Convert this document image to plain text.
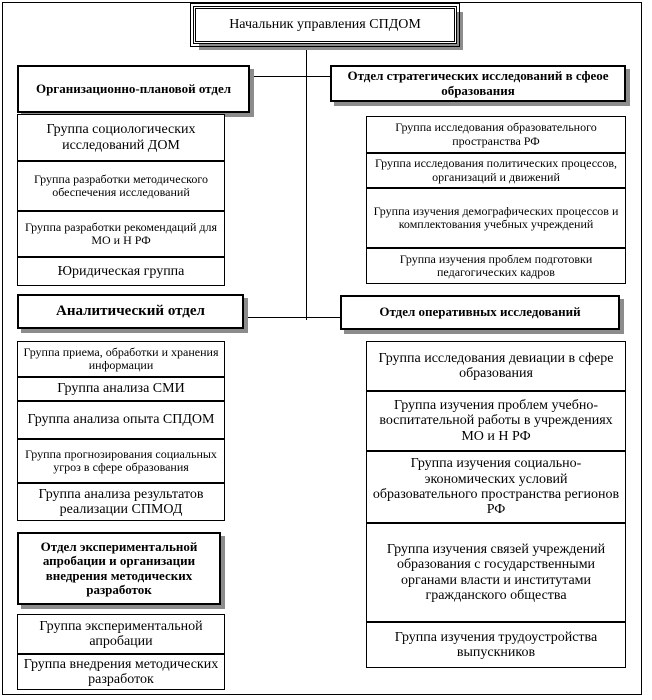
Начальник управления СПДОМ
Организационно-плановой отдел
Группа социологических исследований ДОМ
Группа разработки методического обеспечения исследований
Группа разработки рекомендаций для МО и Н РФ
Юридическая группа
Аналитический отдел
Группа приема, обработки и хранения информации
Группа анализа СМИ
Группа анализа опыта СПДОМ
Группа прогнозирования социальных угроз в сфере образования
Группа анализа результатов реализации СПМОД
Отдел экспериментальной апробации и организации внедрения методических разработок
Группа экспериментальной апробации
Группа внедрения методических разработок
Отдел стратегических исследований в сфеое образования
Группа исследования образовательного пространства РФ
Группа исследования политических процессов, организаций и движений
Группа изучения демографических процессов и комплектования учебных учреждений
Группа изучения проблем подготовки педагогических кадров
Отдел оперативных исследований
Группа исследования девиации в сфере образования
Группа изучения проблем учебно-воспитательной работы в учреждениях МО и Н РФ
Группа изучения социально-экономических условий образовательного пространства регионов РФ
Группа изучения связей учреждений образования с государственными органами власти и институтами гражданского общества
Группа изучения трудоустройства выпускников
